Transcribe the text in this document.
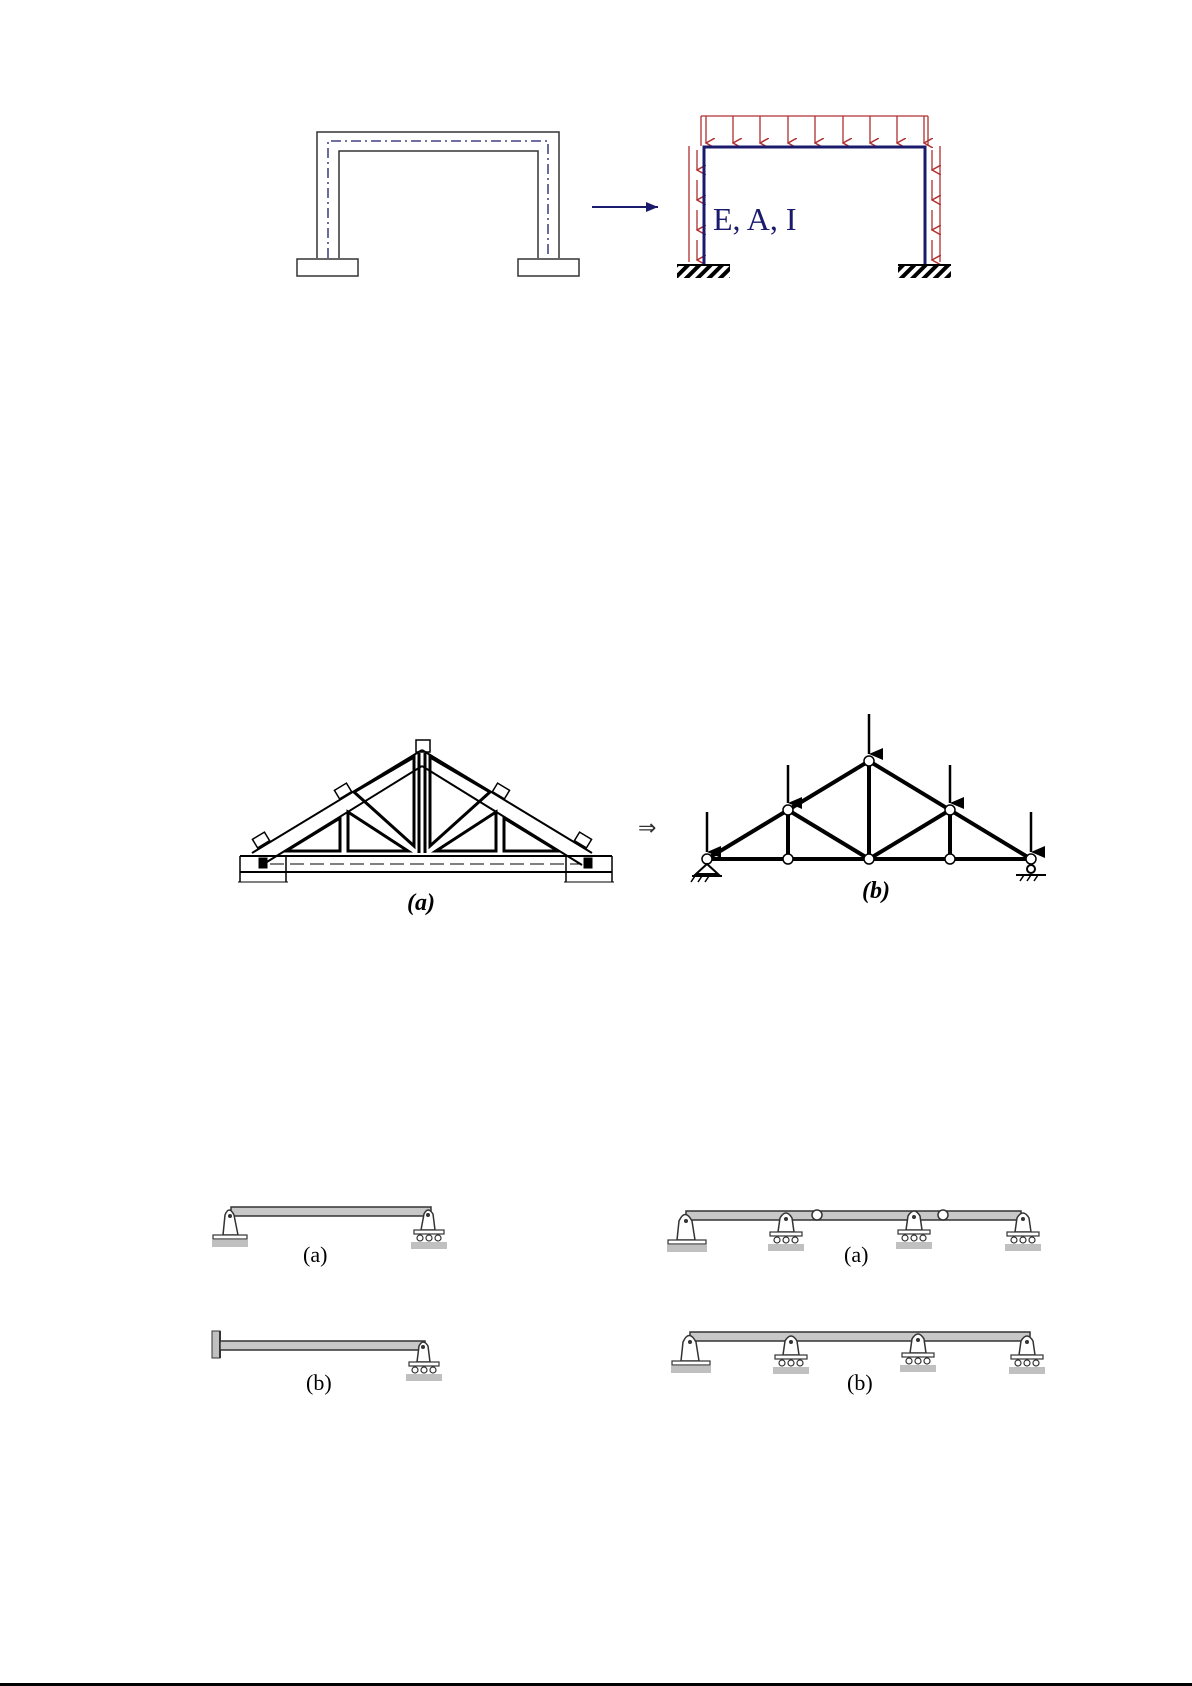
E, A, I
(a)
⇒
(b)
(a)
(b)
(a)
(b)
